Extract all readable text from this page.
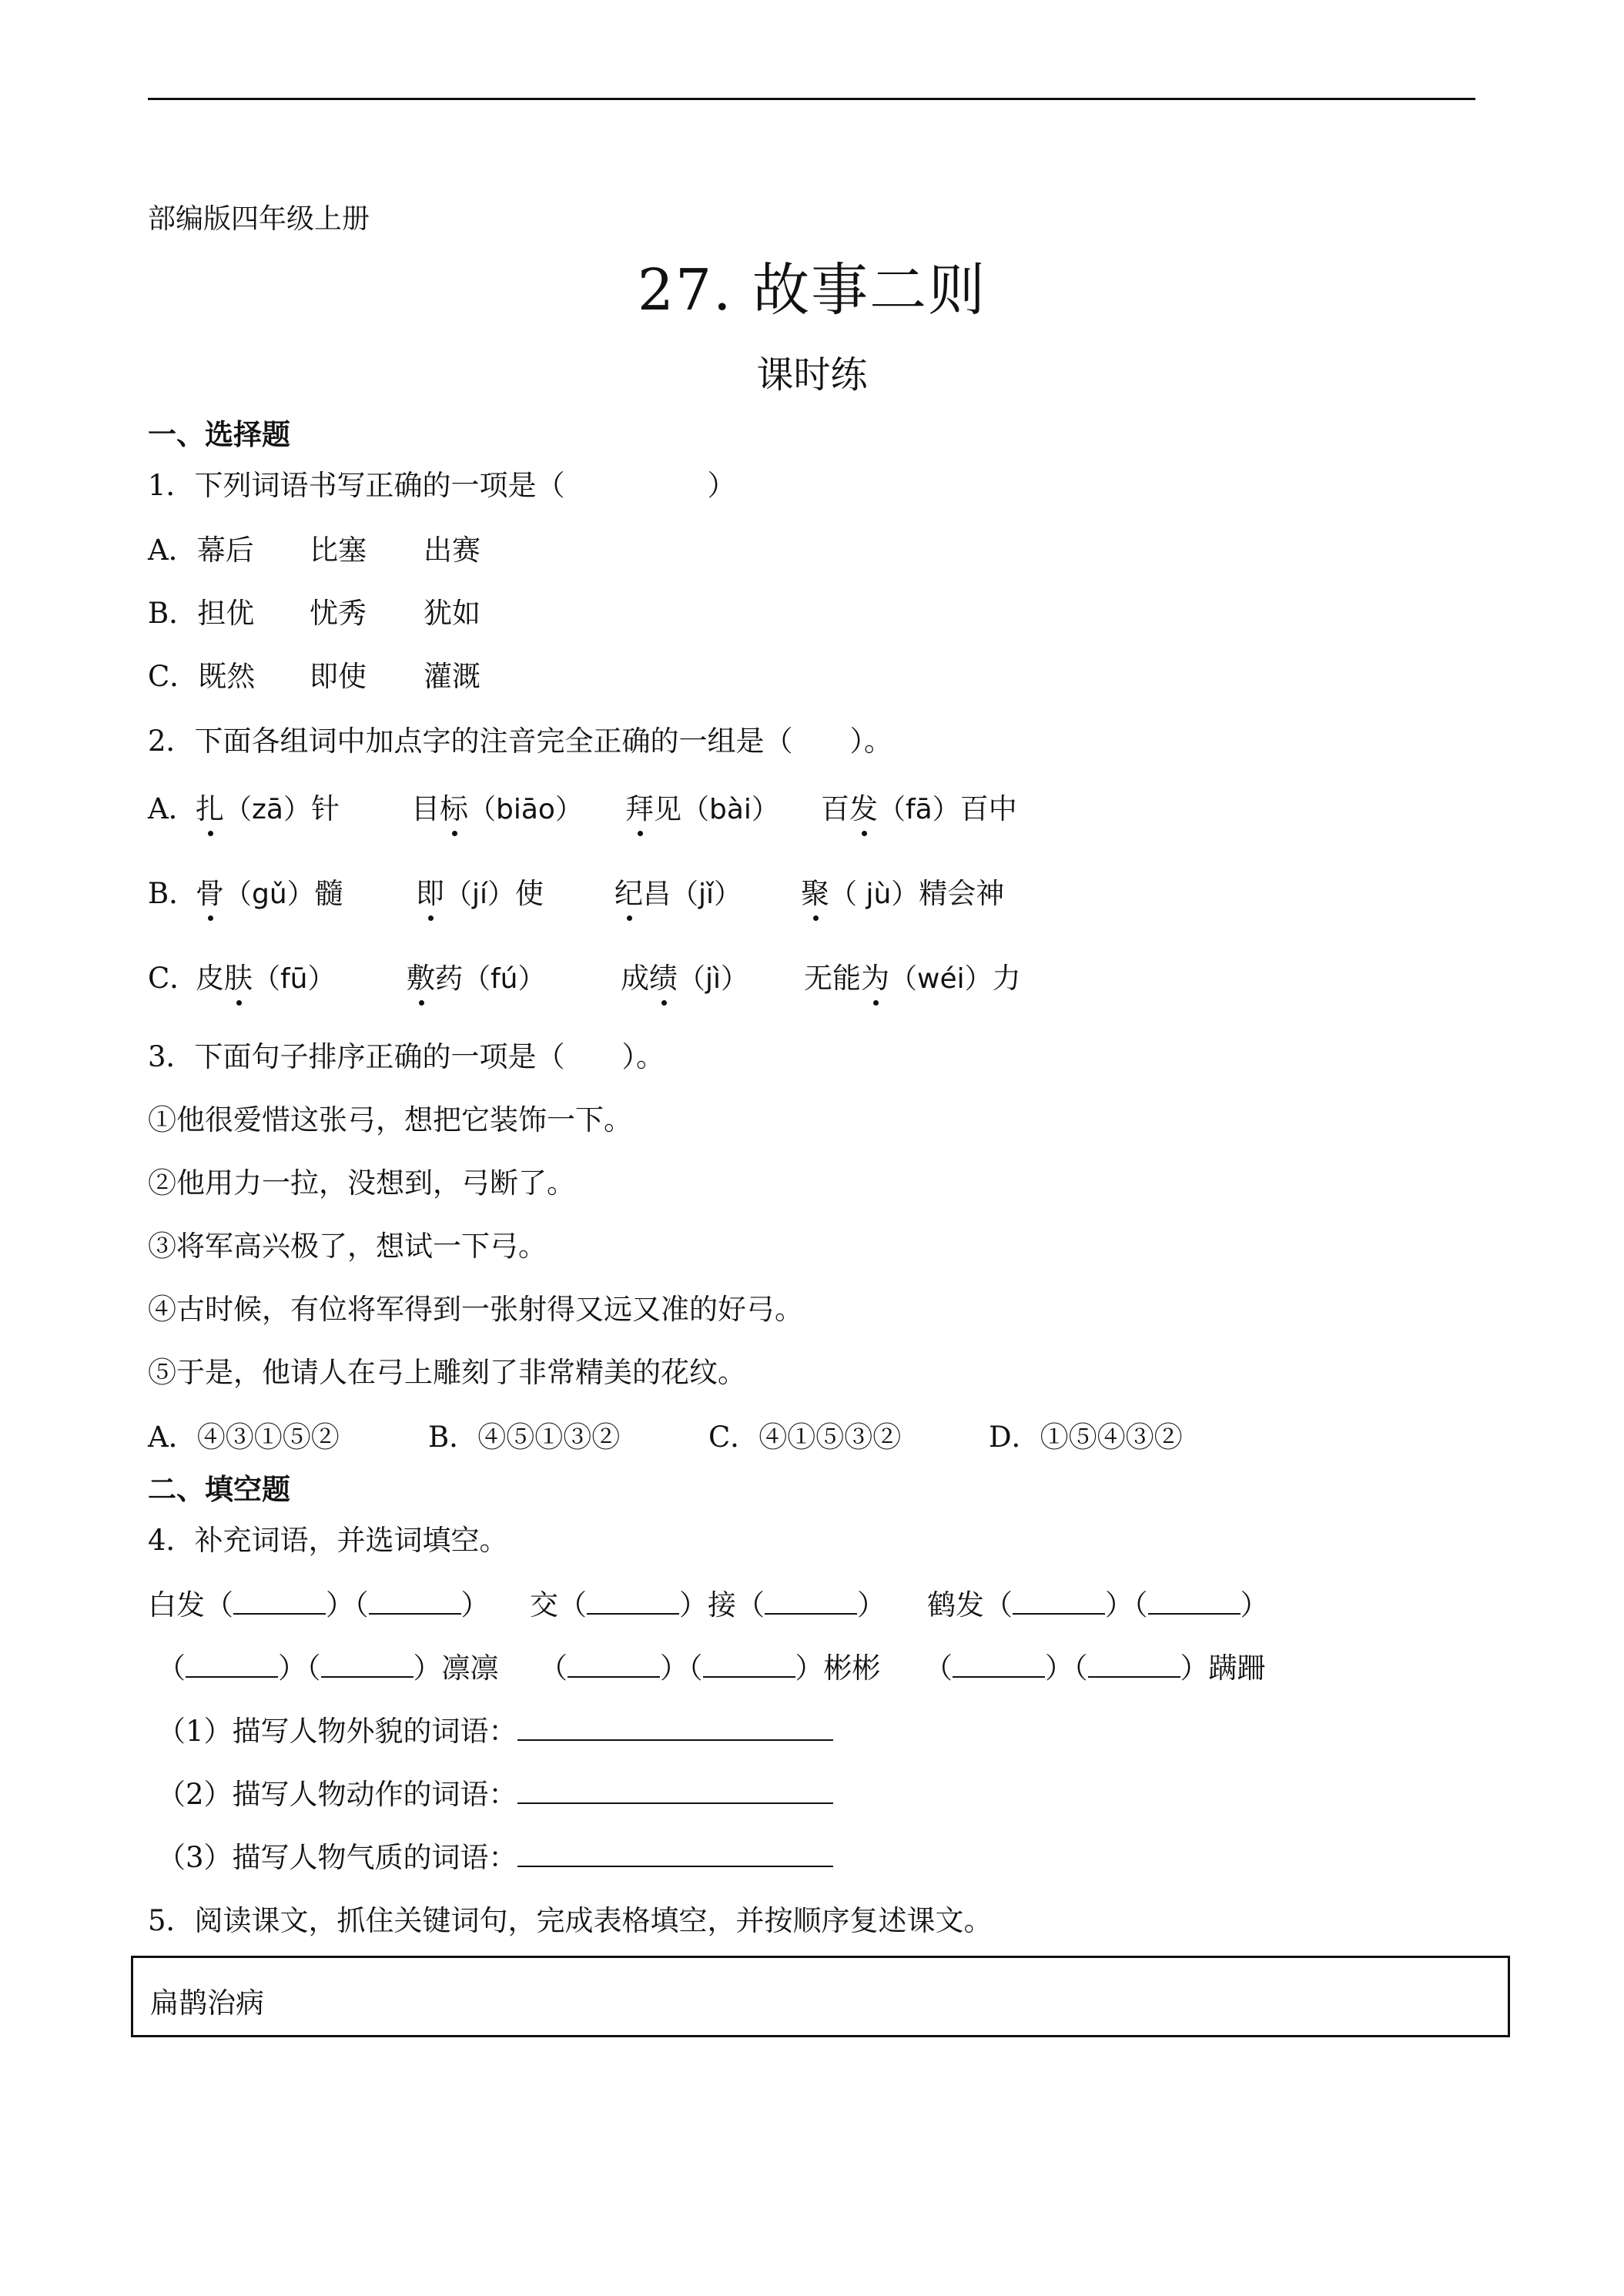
部编版四年级上册
27. 故事二则
课时练
一、选择题
1．下列词语书写正确的一项是（　　　　　）
A．幕后 比塞 出赛
B．担优 忧秀 犹如
C．既然 即使 灌溉
2．下面各组词中加点字的注音完全正确的一组是（　　）。
A．
扎（zā）针	目标（biāo） 拜见（bài） 百发（fā）百中
B．
骨（gǔ）髓	即（jí）使 纪昌（jǐ） 聚（ jù）精会神
C．
皮肤（fū）	敷药（fú）	成绩（jì） 无能为（wéi）力
3．下面句子排序正确的一项是（　　）。
①他很爱惜这张弓，想把它装饰一下。
②他用力一拉，没想到，弓断了。
③将军高兴极了，想试一下弓。
④古时候，有位将军得到一张射得又远又准的好弓。
⑤于是，他请人在弓上雕刻了非常精美的花纹。
A．④③①⑤②	B．④⑤①③②	C．④①⑤③②	D．①⑤④③②
二、填空题
4．补充词语，并选词填空。
白发（	）（	） 交（	）接（	） 鹤发（	）（	）
（	）（	）凛凛 （	）（	）彬彬 （	）（	）蹒跚
（1）描写人物外貌的词语：
（2）描写人物动作的词语：
（3）描写人物气质的词语：
5．阅读课文，抓住关键词句，完成表格填空，并按顺序复述课文。
扁鹊治病
